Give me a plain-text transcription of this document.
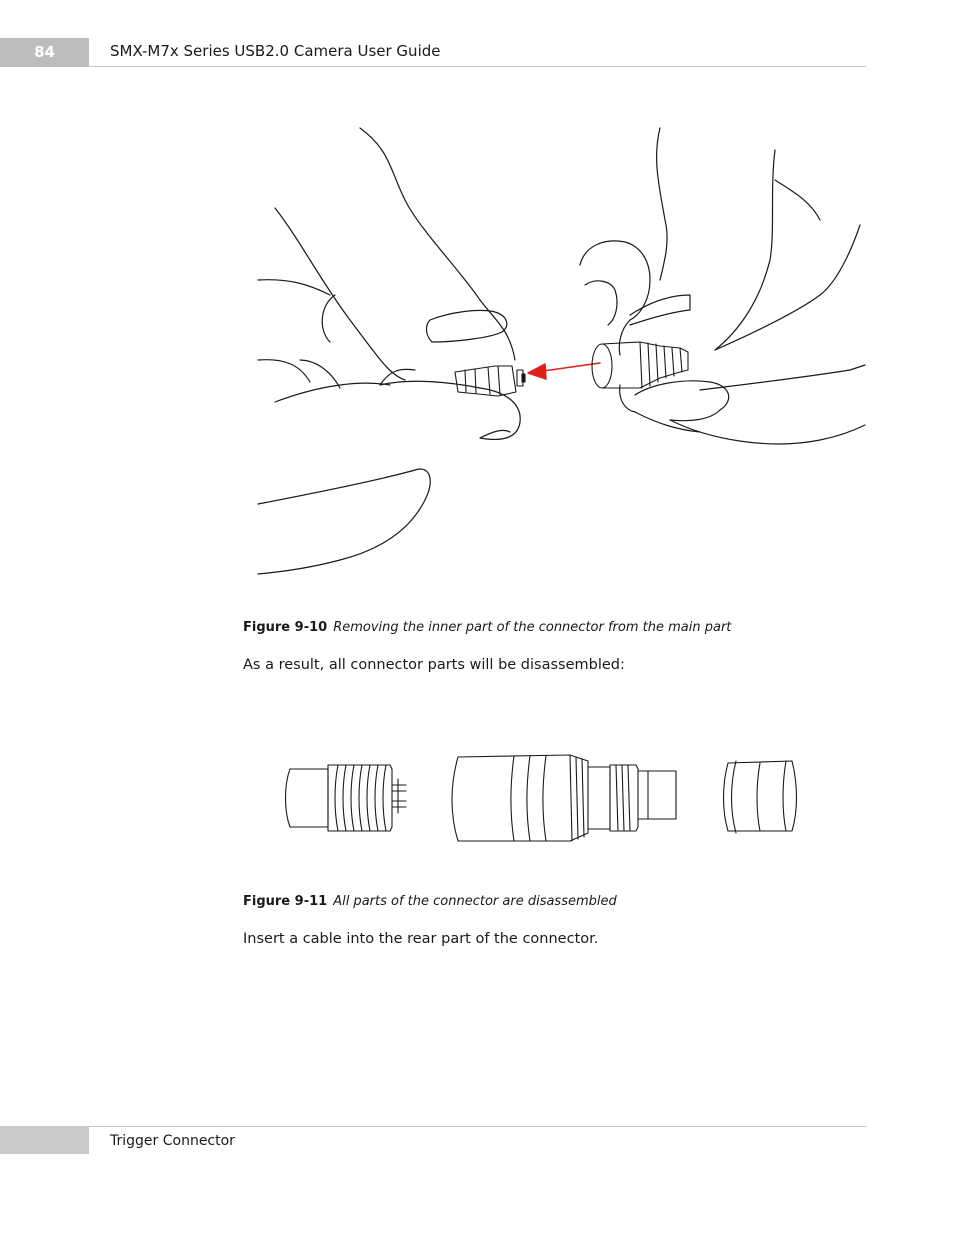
84	SMX-M7x Series USB2.0 Camera User Guide
Figure 9-10 Removing the inner part of the connector from the main part
As a result, all connector parts will be disassembled:
Figure 9-11 All parts of the connector are disassembled
Insert a cable into the rear part of the connector.
Trigger Connector
